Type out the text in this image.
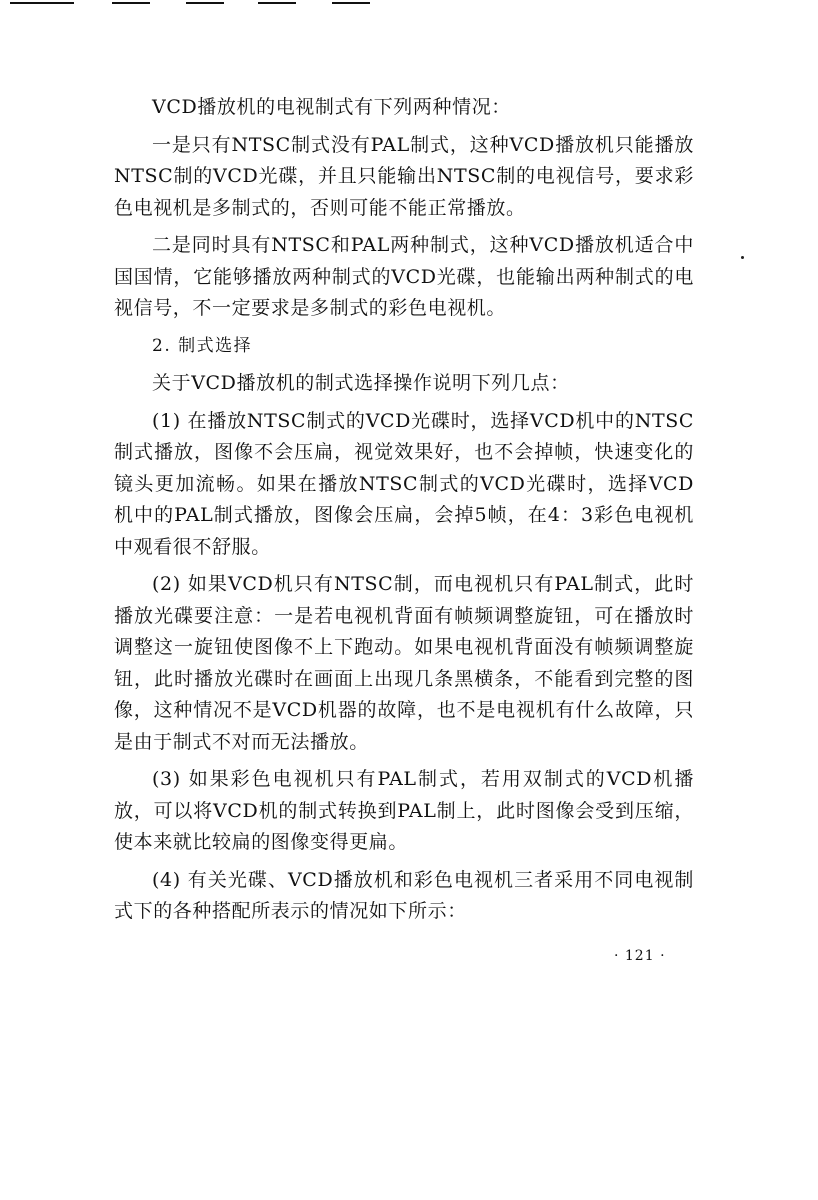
VCD播放机的电视制式有下列两种情况：

一是只有NTSC制式没有PAL制式，这种VCD播放机只能播放NTSC制的VCD光碟，并且只能输出NTSC制的电视信号，要求彩色电视机是多制式的，否则可能不能正常播放。

二是同时具有NTSC和PAL两种制式，这种VCD播放机适合中国国情，它能够播放两种制式的VCD光碟，也能输出两种制式的电视信号，不一定要求是多制式的彩色电视机。

2. 制式选择

关于VCD播放机的制式选择操作说明下列几点：

(1) 在播放NTSC制式的VCD光碟时，选择VCD机中的NTSC制式播放，图像不会压扁，视觉效果好，也不会掉帧，快速变化的镜头更加流畅。如果在播放NTSC制式的VCD光碟时，选择VCD机中的PAL制式播放，图像会压扁，会掉5帧，在4：3彩色电视机中观看很不舒服。

(2) 如果VCD机只有NTSC制，而电视机只有PAL制式，此时播放光碟要注意：一是若电视机背面有帧频调整旋钮，可在播放时调整这一旋钮使图像不上下跑动。如果电视机背面没有帧频调整旋钮，此时播放光碟时在画面上出现几条黑横条，不能看到完整的图像，这种情况不是VCD机器的故障，也不是电视机有什么故障，只是由于制式不对而无法播放。

(3) 如果彩色电视机只有PAL制式，若用双制式的VCD机播放，可以将VCD机的制式转换到PAL制上，此时图像会受到压缩，使本来就比较扁的图像变得更扁。

(4) 有关光碟、VCD播放机和彩色电视机三者采用不同电视制式下的各种搭配所表示的情况如下所示：

· 121 ·
